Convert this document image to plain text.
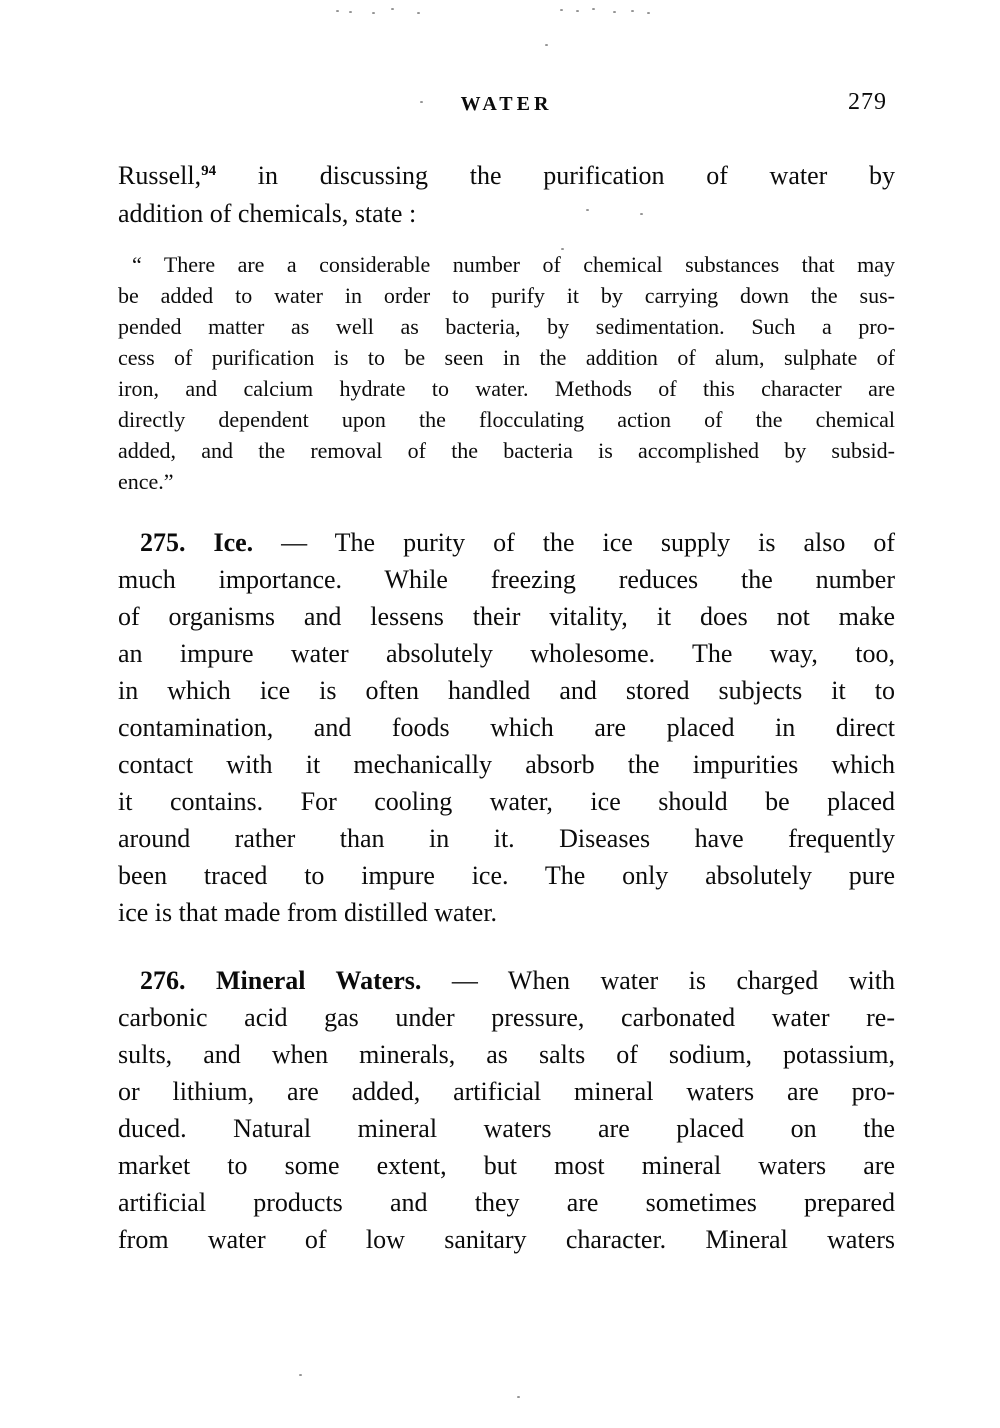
WATER	279
Russell,$^{94}$ in discussing the purification of water by
addition of chemicals, state :
“ There are a considerable number of chemical substances that may
be added to water in order to purify it by carrying down the sus-
pended matter as well as bacteria, by sedimentation. Such a pro-
cess of purification is to be seen in the addition of alum, sulphate of
iron, and calcium hydrate to water. Methods of this character are
directly dependent upon the flocculating action of the chemical
added, and the removal of the bacteria is accomplished by subsid-
ence.”
275. Ice. — The purity of the ice supply is also of
much importance. While freezing reduces the number
of organisms and lessens their vitality, it does not make
an impure water absolutely wholesome. The way, too,
in which ice is often handled and stored subjects it to
contamination, and foods which are placed in direct
contact with it mechanically absorb the impurities which
it contains. For cooling water, ice should be placed
around rather than in it. Diseases have frequently
been traced to impure ice. The only absolutely pure
ice is that made from distilled water.
276. Mineral Waters. — When water is charged with
carbonic acid gas under pressure, carbonated water re-
sults, and when minerals, as salts of sodium, potassium,
or lithium, are added, artificial mineral waters are pro-
duced. Natural mineral waters are placed on the
market to some extent, but most mineral waters are
artificial products and they are sometimes prepared
from water of low sanitary character. Mineral waters
